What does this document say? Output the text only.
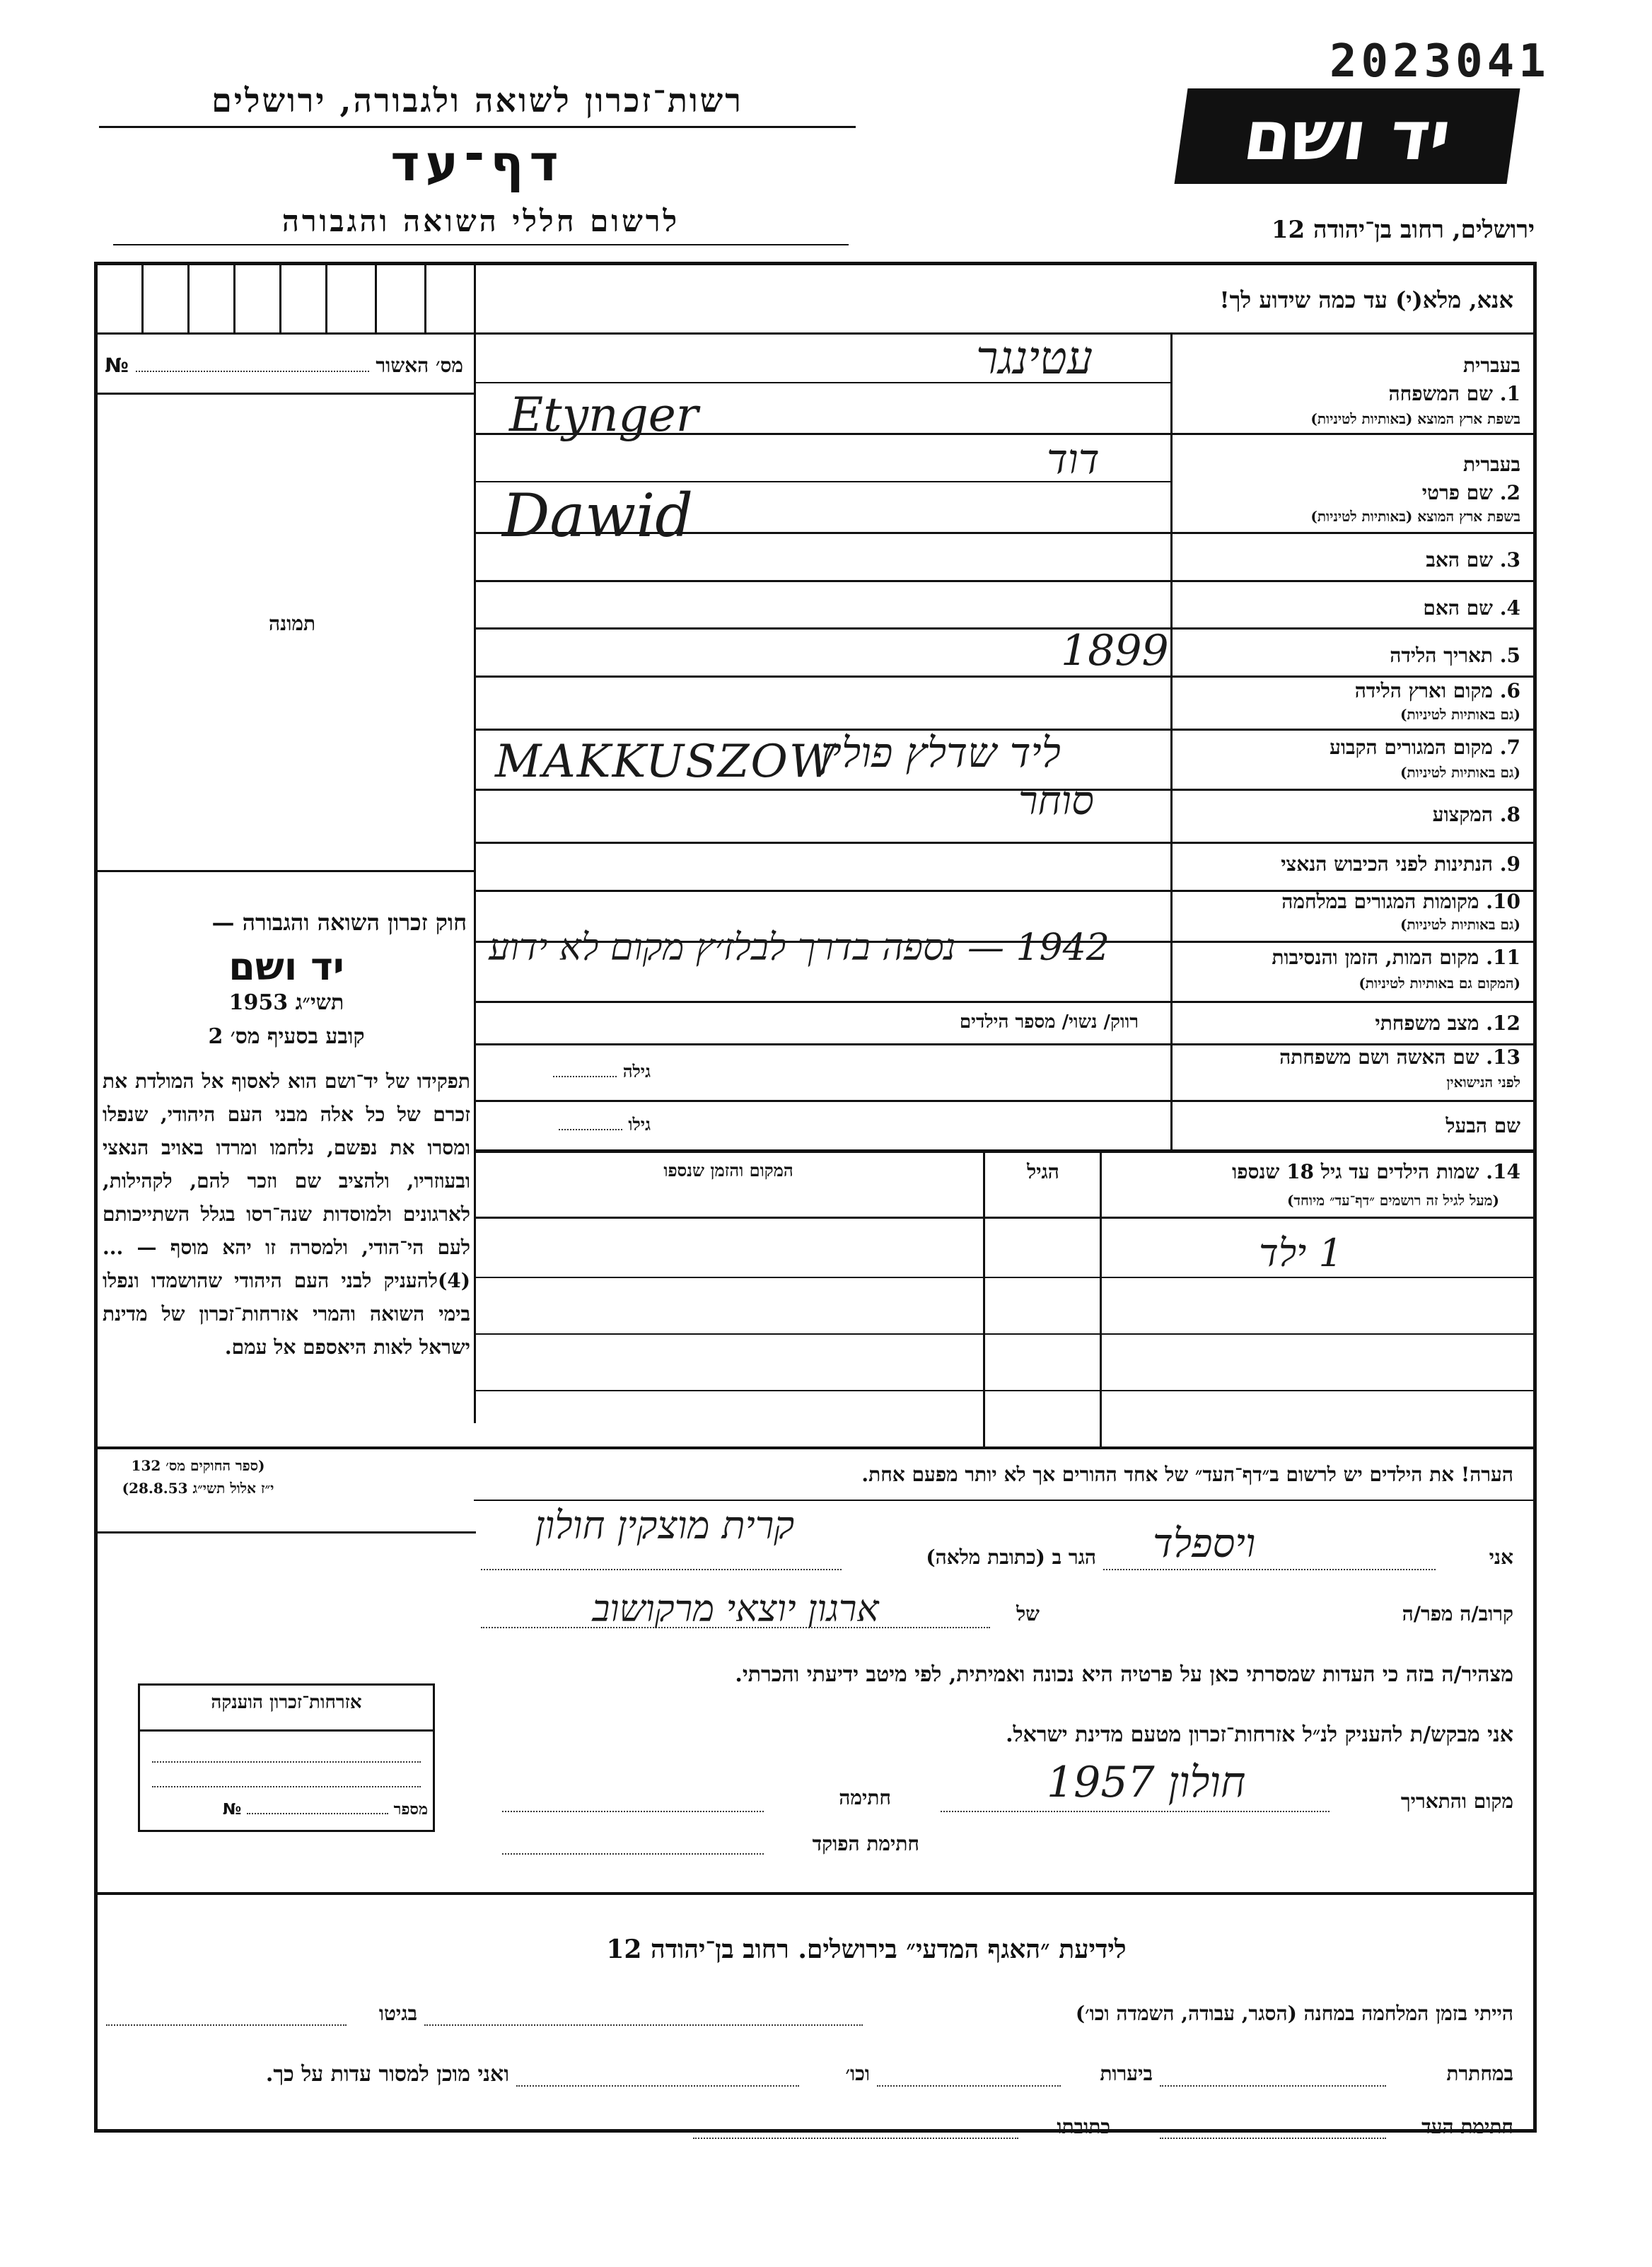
2023041
יד ושם
רשות־זכרון לשואה ולגבורה, ירושלים
דף־עד
לרשום חללי השואה והגבורה	ירושלים, רחוב בן־יהודה 12
אנא, מלא(י) עד כמה שידוע לך!
מס׳ האשור  №
תמונה
חוק זכרון השואה והגבורה —
יד ושם
תשי״ג 1953
קובע בסעיף מס׳ 2
תפקידו של יד־ושם הוא לאסוף אל המולדת את זכרם של כל אלה מבני העם היהודי, שנפלו ומסרו את נפשם, נלחמו ומרדו באויב הנאצי ובעוזריו, ולהציב שם וזכר להם, לקהילות, לארגונים ולמוסדות שנה־רסו בגלל השתייכותם לעם הי־הודי, ולמסרה זו יהא מוסף — ...(4)להעניק לבני העם היהודי שהושמדו ונפלו בימי השואה והמרי אזרחות־זכרון של מדינת ישראל לאות היאספם אל עמם.
(ספר החוקים מס׳ 132
י״ז אלול תשי״ג 28.8.53)
בעברית
1. שם המשפחה
בשפת ארץ המוצא (באותיות לטיניות)
בעברית
2. שם פרטי
בשפת ארץ המוצא (באותיות לטיניות)
3. שם האב
4. שם האם
5. תאריך הלידה
6. מקום וארץ הלידה
(גם באותיות לטיניות)
7. מקום המגורים הקבוע
(גם באותיות לטיניות)
8. המקצוע
9. הנתינות לפני הכיבוש הנאצי
10. מקומות המגורים במלחמה
(גם באותיות לטיניות)
11. מקום המות, הזמן והנסיבות
(המקום גם באותיות לטיניות)
12. מצב משפחתי
13. שם האשה ושם משפחתה
לפני הנישואין
שם הבעל
עטינגר
Etynger
דוד
Dawid
1899
MAKKUSZOW
ליד שדלץ פולין
סוחר
1942 — נספה בדרך לבלז׳ץ מקום לא ידוע
רווק/ נשוי/ מספר הילדים
גילה
גילו
14. שמות הילדים עד גיל 18 שנספו
(מעל לגיל זה רושמים ״דף־עד״ מיוחד)
הגיל
המקום והזמן שנספו
1 ילד
הערה! את הילדים יש לרשום ב״דף־העד״ של אחד ההורים אך לא יותר מפעם אחת.
אני
ויספלד
הגר ב (כתובת מלאה)
קרית מוצקין חולון
קרוב/ה מפר/ה
של
ארגון יוצאי מרקושוב
מצהיר/ה בזה כי העדות שמסרתי כאן על פרטיה היא נכונה ואמיתית, לפי מיטב ידיעתי והכרתי.
אני מבקש/ת להעניק לנ״ל אזרחות־זכרון מטעם מדינת ישראל.
מקום והתאריך
חולון 1957
חתימה
חתימת הפוקד
אזרחות־זכרון הוענקה
מספר  №
לידיעת ״האגף המדעי״ בירושלים. רחוב בן־יהודה 12
הייתי בזמן המלחמה במחנה (הסגר, עבודה, השמדה וכו׳)
בגיטו
במחתרת
ביערות
וכו׳
ואני מוכן למסור עדות על כך.
חתימת העד
כתובתו
